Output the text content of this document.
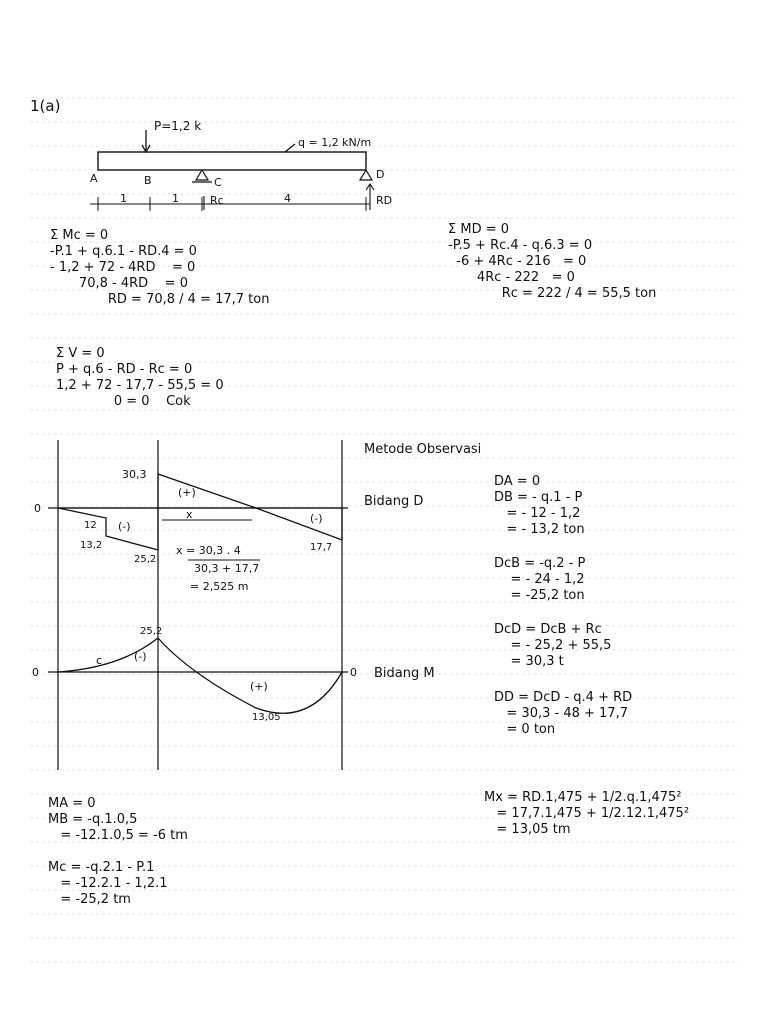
1(a)
P=1,2 k
q = 1,2 kN/m
A	B	C
D
1	1	4
Rc	RD
Σ Mc = 0
-P.1 + q.6.1 - RD.4 = 0
- 1,2 + 72 - 4RD    = 0
70,8 - 4RD    = 0
RD = 70,8 / 4 = 17,7 ton
Σ MD = 0
-P.5 + Rc.4 - q.6.3 = 0
-6 + 4Rc - 216   = 0
4Rc - 222   = 0
Rc = 222 / 4 = 55,5 ton
Σ V = 0
P + q.6 - RD - Rc = 0
1,2 + 72 - 17,7 - 55,5 = 0
0 = 0    Cok
0
0	0
30,3
12
13,2
25,2
17,7
25,2
13,05
(+)
(-)
(-)
(-)
(+)
x
c
x = 30,3 . 4
30,3 + 17,7
= 2,525 m
Metode Observasi
Bidang D
Bidang M
DA = 0
DB = - q.1 - P
= - 12 - 1,2
= - 13,2 ton
DcB = -q.2 - P
= - 24 - 1,2
= -25,2 ton
DcD = DcB + Rc
= - 25,2 + 55,5
= 30,3 t
DD = DcD - q.4 + RD
= 30,3 - 48 + 17,7
= 0 ton
MA = 0
MB = -q.1.0,5
= -12.1.0,5 = -6 tm
Mc = -q.2.1 - P.1
= -12.2.1 - 1,2.1
= -25,2 tm
Mx = RD.1,475 + 1/2.q.1,475²
= 17,7.1,475 + 1/2.12.1,475²
= 13,05 tm
